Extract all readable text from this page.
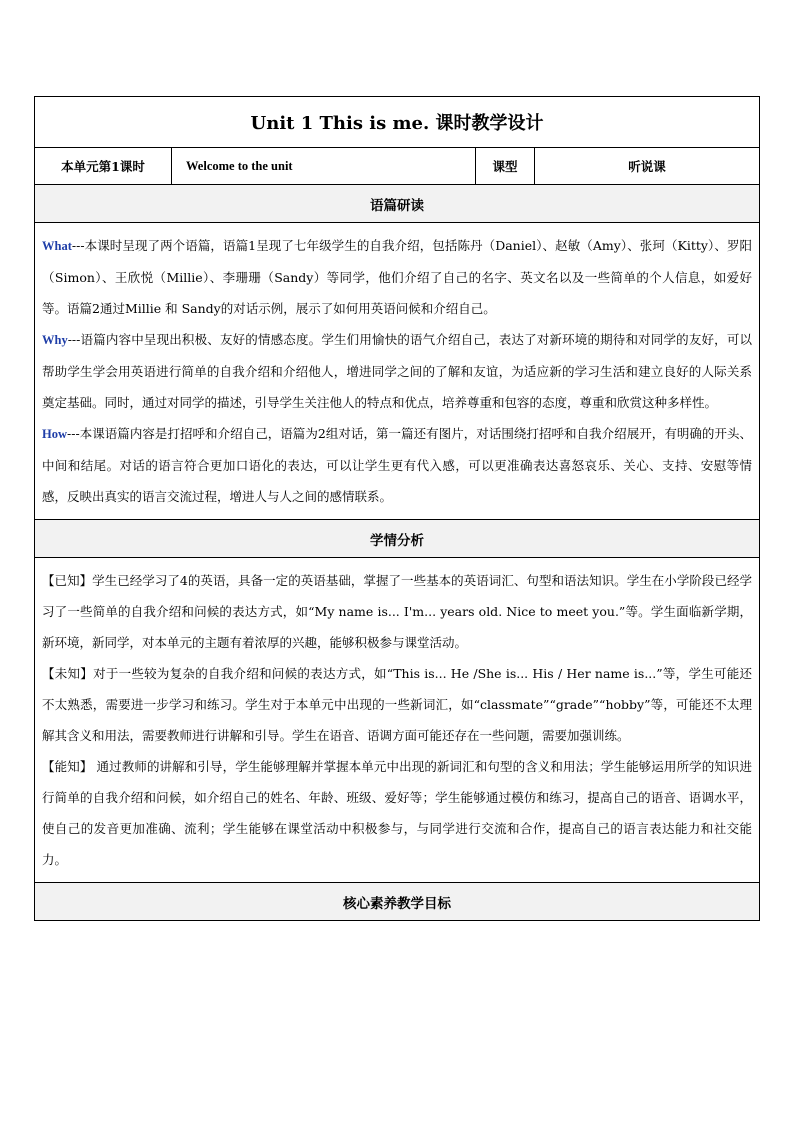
Unit 1 This is me. 课时教学设计
本单元第1课时	Welcome to the unit	课型	听说课
语篇研读

What---本课时呈现了两个语篇，语篇1呈现了七年级学生的自我介绍，包括陈丹（Daniel）、赵敏（Amy）、张珂（Kitty）、罗阳（Simon）、王欣悦（Millie）、李珊珊（Sandy）等同学，他们介绍了自己的名字、英文名以及一些简单的个人信息，如爱好等。语篇2通过Millie 和 Sandy的对话示例，展示了如何用英语问候和介绍自己。

Why---语篇内容中呈现出积极、友好的情感态度。学生们用愉快的语气介绍自己，表达了对新环境的期待和对同学的友好，可以帮助学生学会用英语进行简单的自我介绍和介绍他人，增进同学之间的了解和友谊，为适应新的学习生活和建立良好的人际关系奠定基础。同时，通过对同学的描述，引导学生关注他人的特点和优点，培养尊重和包容的态度，尊重和欣赏这种多样性。

How---本课语篇内容是打招呼和介绍自己，语篇为2组对话，第一篇还有图片，对话围绕打招呼和自我介绍展开，有明确的开头、中间和结尾。对话的语言符合更加口语化的表达，可以让学生更有代入感，可以更准确表达喜怒哀乐、关心、支持、安慰等情感，反映出真实的语言交流过程，增进人与人之间的感情联系。

学情分析

【已知】学生已经学习了4的英语，具备一定的英语基础，掌握了一些基本的英语词汇、句型和语法知识。学生在小学阶段已经学习了一些简单的自我介绍和问候的表达方式，如“My name is... I'm... years old. Nice to meet you.”等。学生面临新学期，新环境，新同学，对本单元的主题有着浓厚的兴趣，能够积极参与课堂活动。

【未知】对于一些较为复杂的自我介绍和问候的表达方式，如“This is... He /She is... His / Her name is...”等，学生可能还不太熟悉，需要进一步学习和练习。学生对于本单元中出现的一些新词汇，如“classmate”“grade”“hobby”等，可能还不太理解其含义和用法，需要教师进行讲解和引导。学生在语音、语调方面可能还存在一些问题，需要加强训练。

【能知】 通过教师的讲解和引导，学生能够理解并掌握本单元中出现的新词汇和句型的含义和用法；学生能够运用所学的知识进行简单的自我介绍和问候，如介绍自己的姓名、年龄、班级、爱好等；学生能够通过模仿和练习，提高自己的语音、语调水平，使自己的发音更加准确、流利；学生能够在课堂活动中积极参与，与同学进行交流和合作，提高自己的语言表达能力和社交能力。

核心素养教学目标
